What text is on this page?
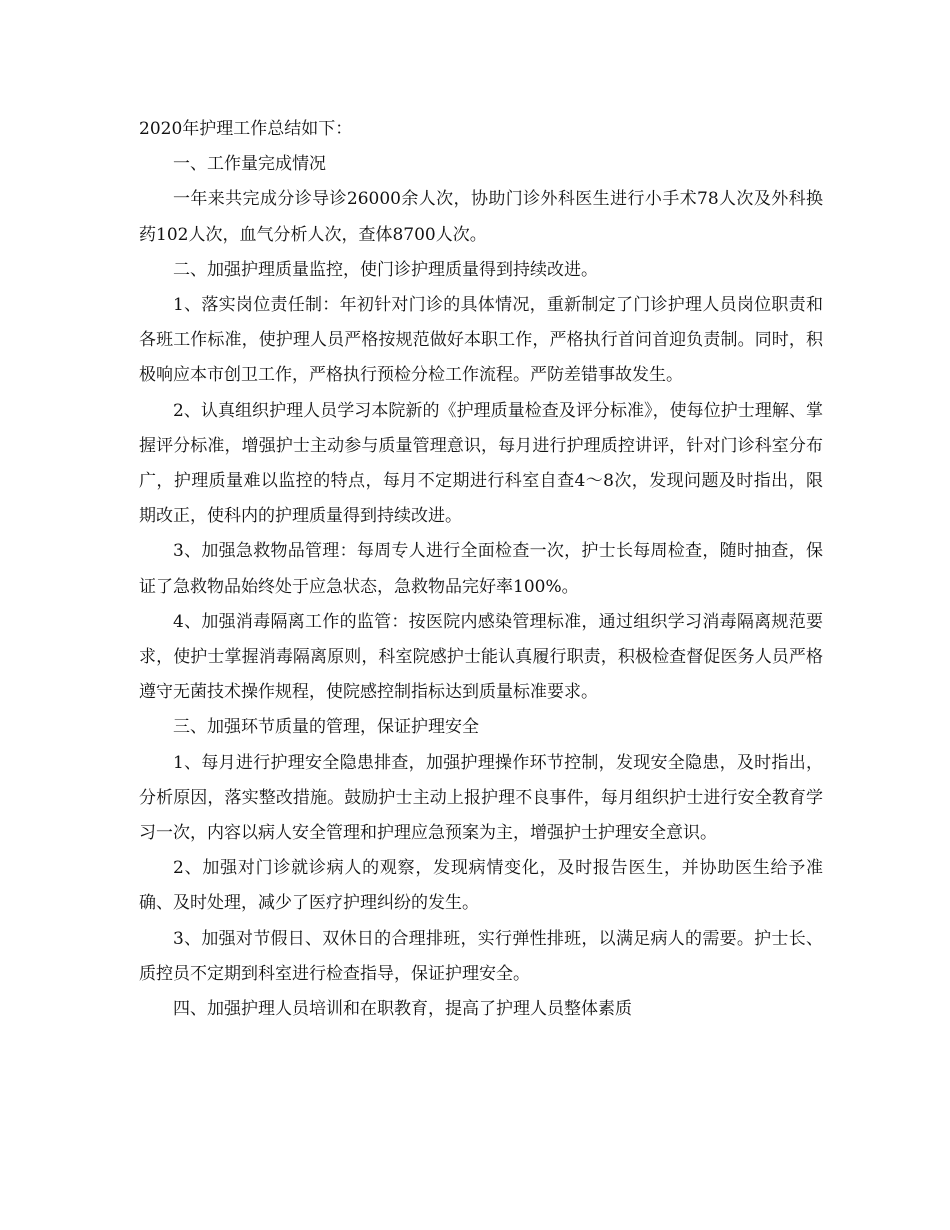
2020年护理工作总结如下：

一、工作量完成情况

一年来共完成分诊导诊26000余人次，协助门诊外科医生进行小手术78人次及外科换药102人次，血气分析人次，查体8700人次。

二、加强护理质量监控，使门诊护理质量得到持续改进。

1、落实岗位责任制：年初针对门诊的具体情况，重新制定了门诊护理人员岗位职责和各班工作标准，使护理人员严格按规范做好本职工作，严格执行首问首迎负责制。同时，积极响应本市创卫工作，严格执行预检分检工作流程。严防差错事故发生。

2、认真组织护理人员学习本院新的《护理质量检查及评分标准》，使每位护士理解、掌握评分标准，增强护士主动参与质量管理意识，每月进行护理质控讲评，针对门诊科室分布广，护理质量难以监控的特点，每月不定期进行科室自查4～8次，发现问题及时指出，限期改正，使科内的护理质量得到持续改进。

3、加强急救物品管理：每周专人进行全面检查一次，护士长每周检查，随时抽查，保证了急救物品始终处于应急状态，急救物品完好率100%。

4、加强消毒隔离工作的监管：按医院内感染管理标准，通过组织学习消毒隔离规范要求，使护士掌握消毒隔离原则，科室院感护士能认真履行职责，积极检查督促医务人员严格遵守无菌技术操作规程，使院感控制指标达到质量标准要求。

三、加强环节质量的管理，保证护理安全

1、每月进行护理安全隐患排查，加强护理操作环节控制，发现安全隐患，及时指出，分析原因，落实整改措施。鼓励护士主动上报护理不良事件，每月组织护士进行安全教育学习一次，内容以病人安全管理和护理应急预案为主，增强护士护理安全意识。

2、加强对门诊就诊病人的观察，发现病情变化，及时报告医生，并协助医生给予准确、及时处理，减少了医疗护理纠纷的发生。

3、加强对节假日、双休日的合理排班，实行弹性排班，以满足病人的需要。护士长、质控员不定期到科室进行检查指导，保证护理安全。

四、加强护理人员培训和在职教育，提高了护理人员整体素质
